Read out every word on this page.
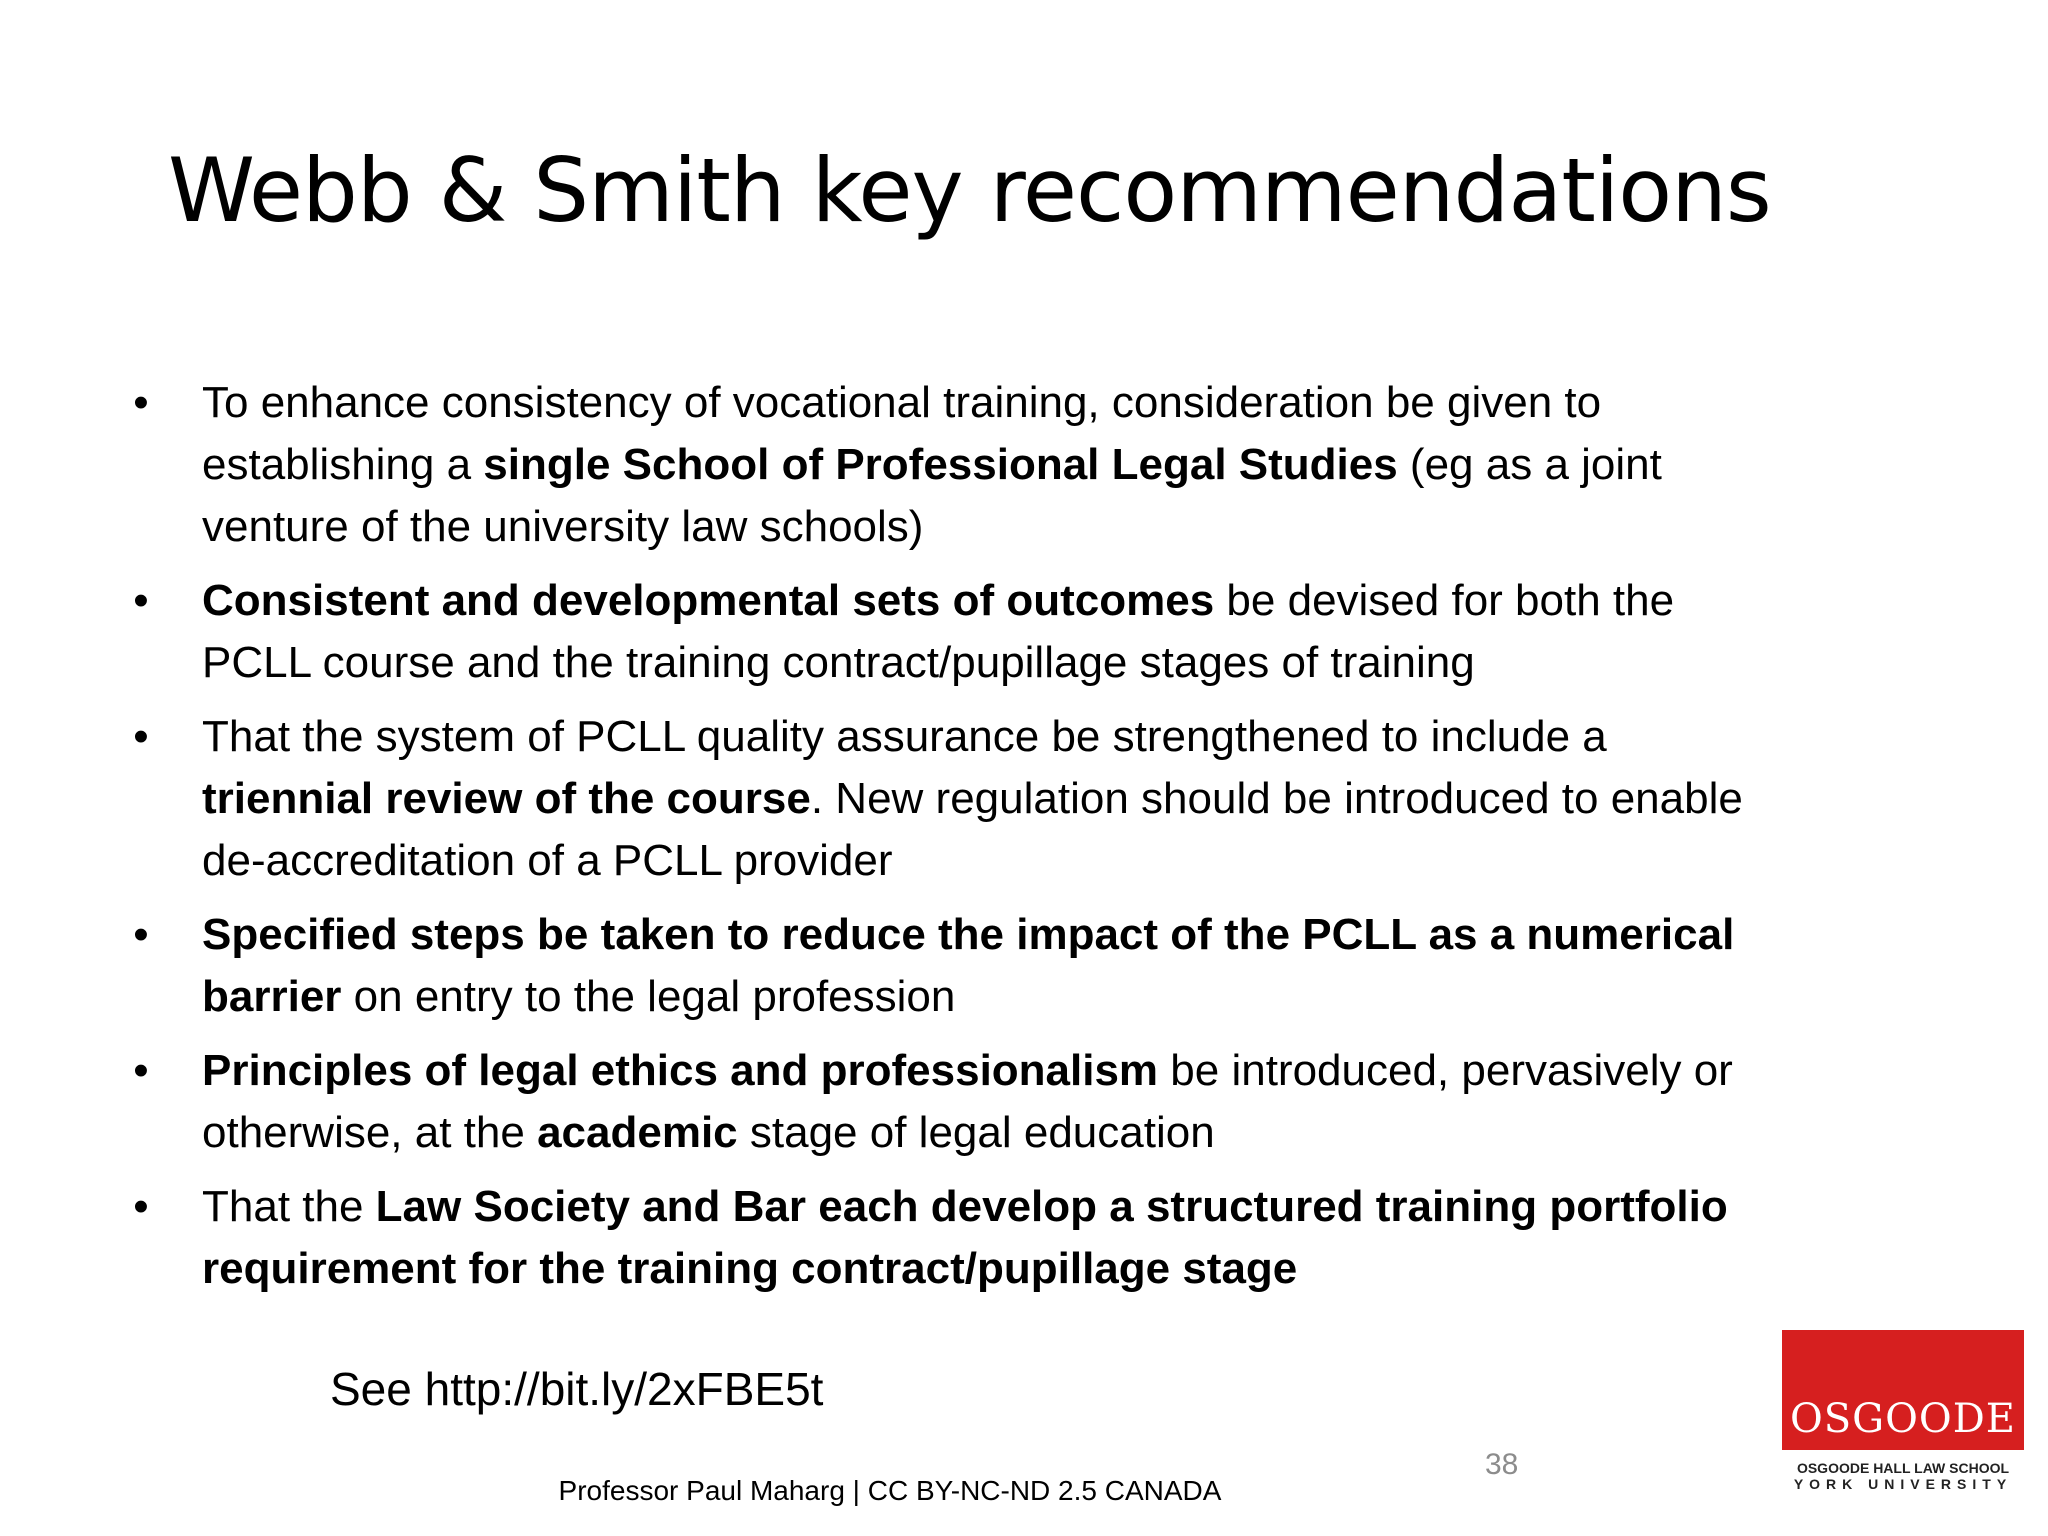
Webb & Smith key recommendations
• To enhance consistency of vocational training, consideration be given to establishing a single School of Professional Legal Studies (eg as a joint venture of the university law schools)
• Consistent and developmental sets of outcomes be devised for both the PCLL course and the training contract/pupillage stages of training
• That the system of PCLL quality assurance be strengthened to include a triennial review of the course. New regulation should be introduced to enable de-accreditation of a PCLL provider
• Specified steps be taken to reduce the impact of the PCLL as a numerical barrier on entry to the legal profession
• Principles of legal ethics and professionalism be introduced, pervasively or otherwise, at the academic stage of legal education
• That the Law Society and Bar each develop a structured training portfolio requirement for the training contract/pupillage stage
See http://bit.ly/2xFBE5t
38
Professor Paul Maharg | CC BY-NC-ND 2.5 CANADA
OSGOODE
OSGOODE HALL LAW SCHOOL
YORK UNIVERSITY
